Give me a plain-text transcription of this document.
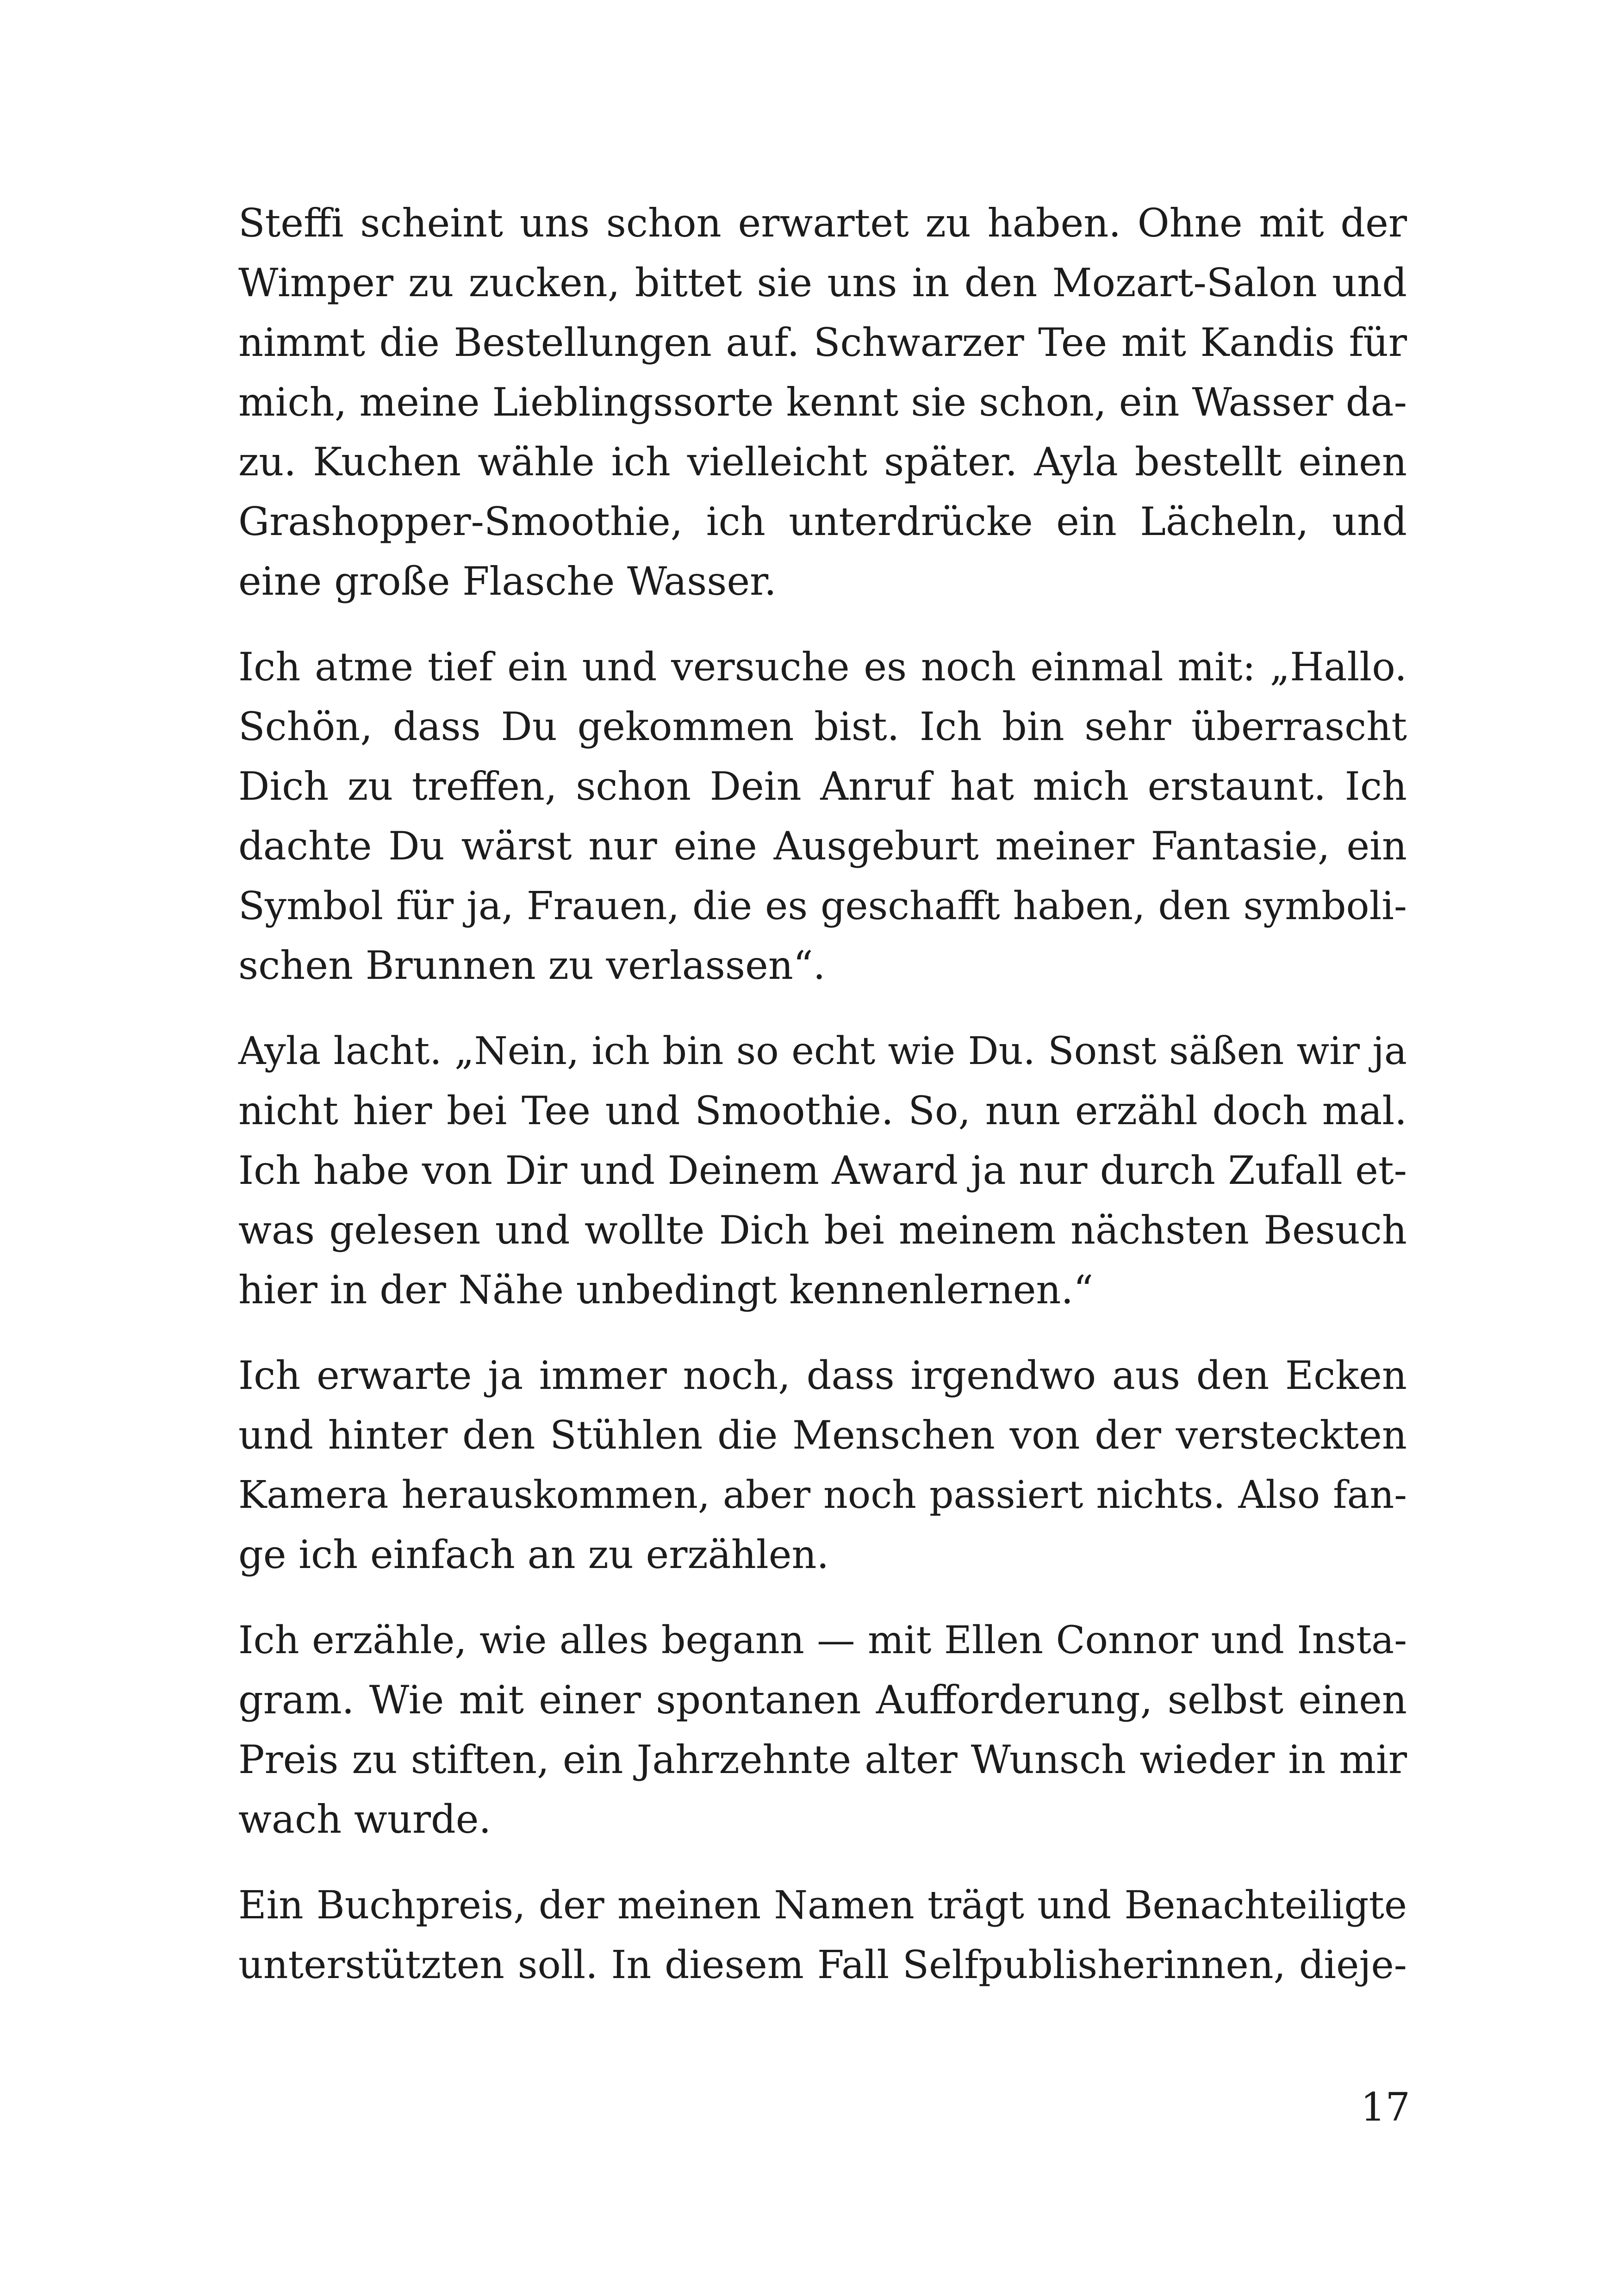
Steffi scheint uns schon erwartet zu haben. Ohne mit der
Wimper zu zucken, bittet sie uns in den Mozart-Salon und
nimmt die Bestellungen auf. Schwarzer Tee mit Kandis für
mich, meine Lieblingssorte kennt sie schon, ein Wasser da-
zu. Kuchen wähle ich vielleicht später. Ayla bestellt einen
Grashopper-Smoothie, ich unterdrücke ein Lächeln, und
eine große Flasche Wasser.

Ich atme tief ein und versuche es noch einmal mit: „Hallo.
Schön, dass Du gekommen bist. Ich bin sehr überrascht
Dich zu treffen, schon Dein Anruf hat mich erstaunt. Ich
dachte Du wärst nur eine Ausgeburt meiner Fantasie, ein
Symbol für ja, Frauen, die es geschafft haben, den symboli-
schen Brunnen zu verlassen“.

Ayla lacht. „Nein, ich bin so echt wie Du. Sonst säßen wir ja
nicht hier bei Tee und Smoothie. So, nun erzähl doch mal.
Ich habe von Dir und Deinem Award ja nur durch Zufall et-
was gelesen und wollte Dich bei meinem nächsten Besuch
hier in der Nähe unbedingt kennenlernen.“

Ich erwarte ja immer noch, dass irgendwo aus den Ecken
und hinter den Stühlen die Menschen von der versteckten
Kamera herauskommen, aber noch passiert nichts. Also fan-
ge ich einfach an zu erzählen.

Ich erzähle, wie alles begann — mit Ellen Connor und Insta-
gram. Wie mit einer spontanen Aufforderung, selbst einen
Preis zu stiften, ein Jahrzehnte alter Wunsch wieder in mir
wach wurde.

Ein Buchpreis, der meinen Namen trägt und Benachteiligte
unterstützten soll. In diesem Fall Selfpublisherinnen, dieje-

17
